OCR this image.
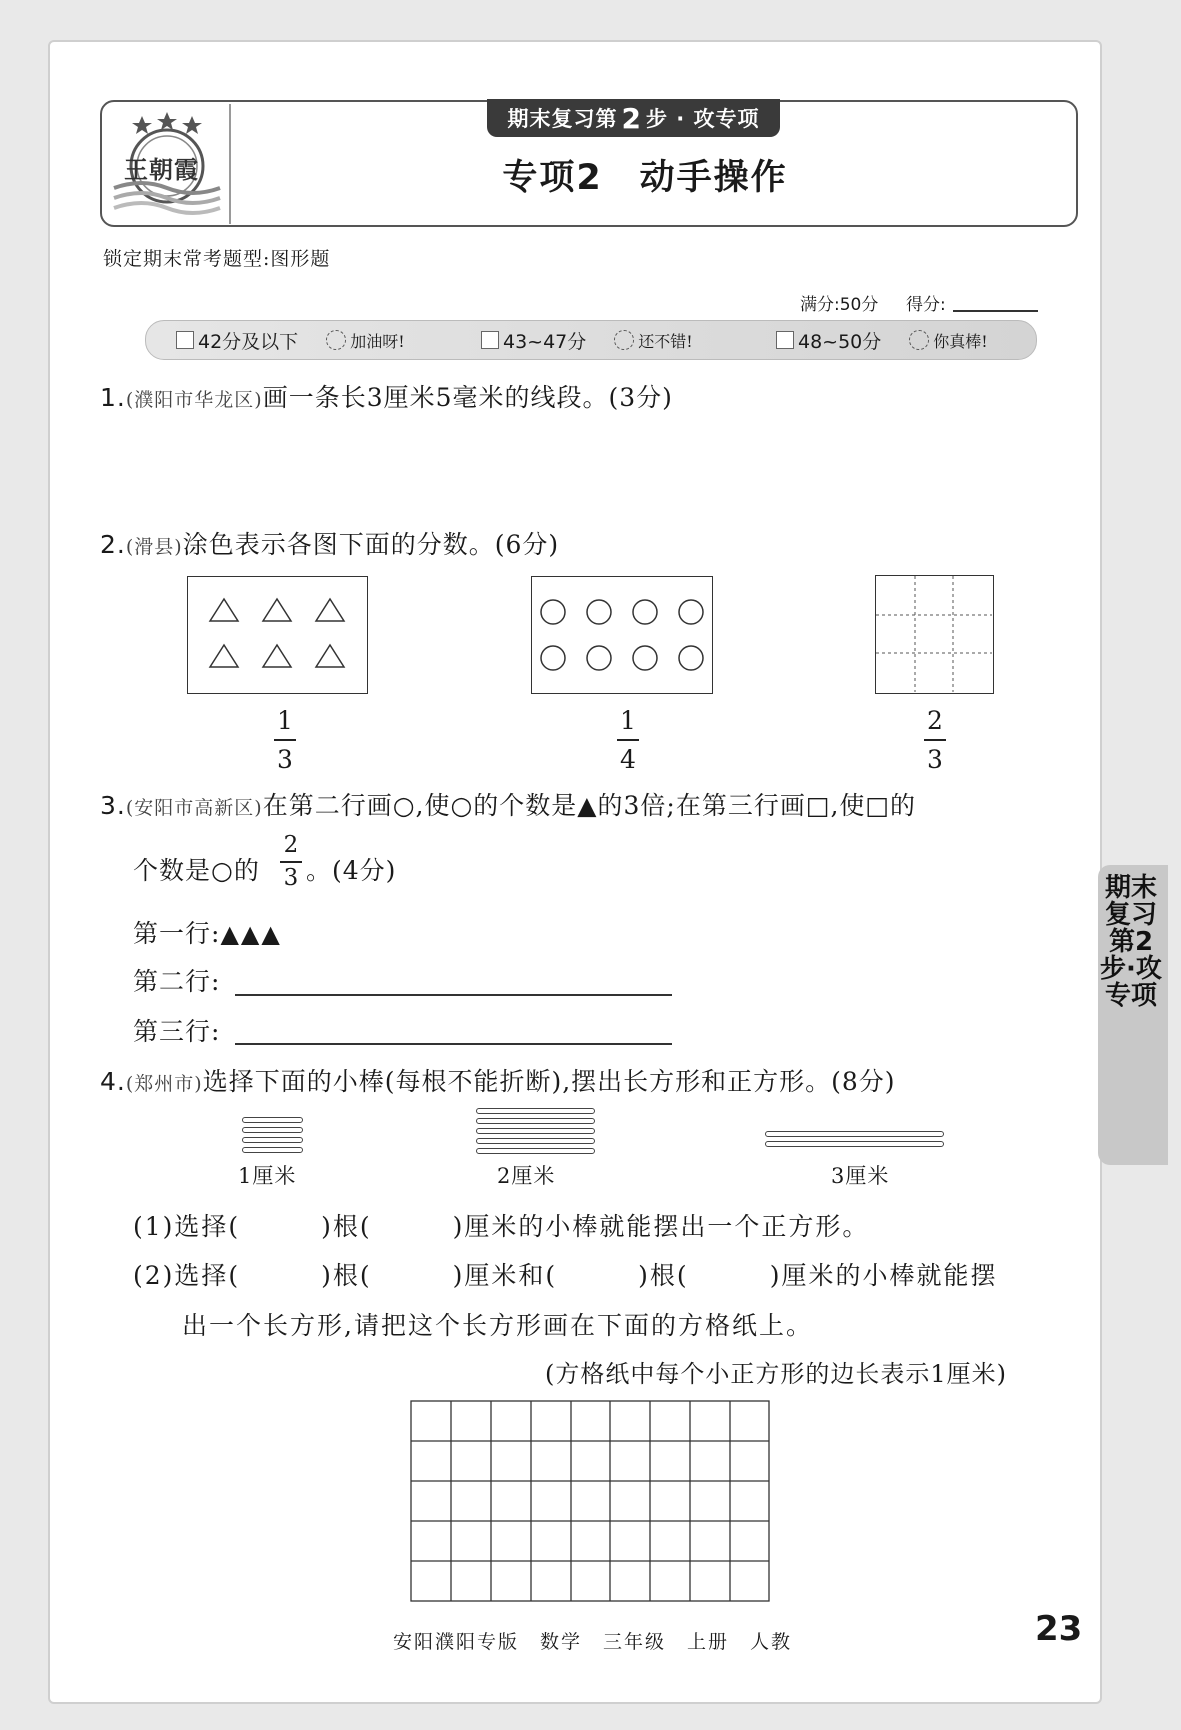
王朝霞
期末复习第 2 步 · 攻专项
专项2　动手操作
锁定期末常考题型:图形题
满分:50分 得分:
42分及以下	加油呀!	43~47分	还不错!	48~50分	你真棒!
1.(濮阳市华龙区)画一条长3厘米5毫米的线段。(3分)
2.(滑县)涂色表示各图下面的分数。(6分)
1
3
1
4
2
3
3.(安阳市高新区)在第二行画○,使○的个数是▲的3倍;在第三行画□,使□的
个数是○的
2
3 。(4分)
第一行:▲▲▲
第二行:
第三行:
4.(郑州市)选择下面的小棒(每根不能折断),摆出长方形和正方形。(8分)
1厘米	2厘米	3厘米
(1)选择(　　　)根(　　　)厘米的小棒就能摆出一个正方形。
(2)选择(　　　)根(　　　)厘米和(　　　)根(　　　)厘米的小棒就能摆
出一个长方形,请把这个长方形画在下面的方格纸上。
(方格纸中每个小正方形的边长表示1厘米)
期末复习第2步·攻专项
安阳濮阳专版　数学　三年级　上册　人教	23
